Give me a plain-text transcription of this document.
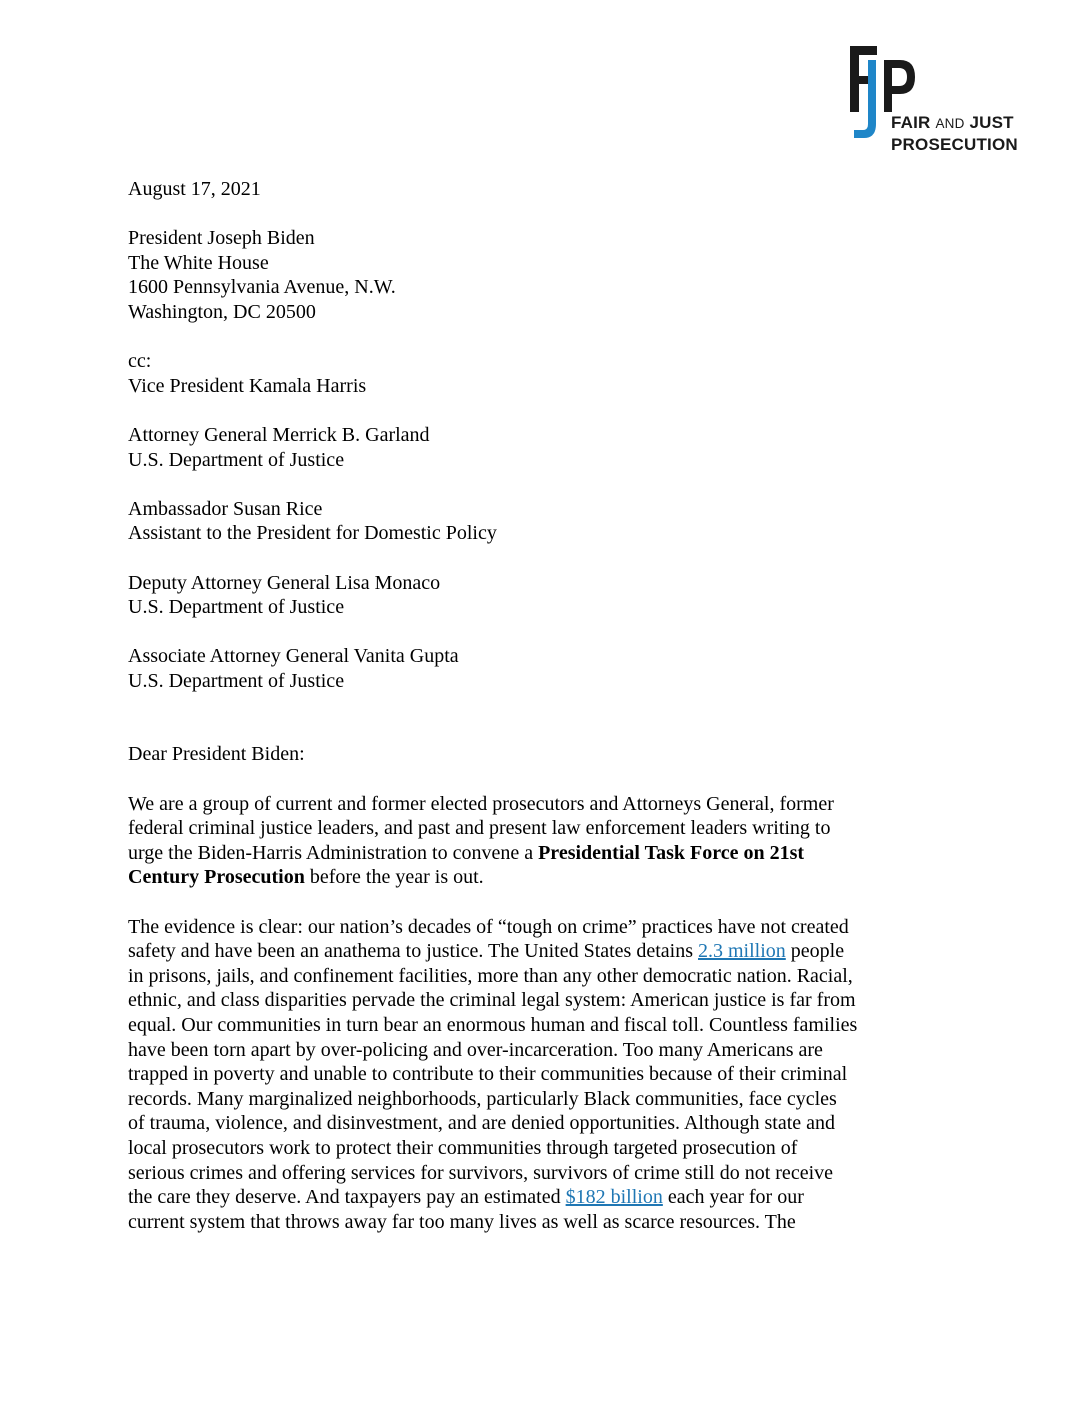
FAIR AND JUST
PROSECUTION
August 17, 2021
President Joseph Biden
The White House
1600 Pennsylvania Avenue, N.W.
Washington, DC 20500
cc:
Vice President Kamala Harris
Attorney General Merrick B. Garland
U.S. Department of Justice
Ambassador Susan Rice
Assistant to the President for Domestic Policy
Deputy Attorney General Lisa Monaco
U.S. Department of Justice
Associate Attorney General Vanita Gupta
U.S. Department of Justice
Dear President Biden:
We are a group of current and former elected prosecutors and Attorneys General, former
federal criminal justice leaders, and past and present law enforcement leaders writing to
urge the Biden-Harris Administration to convene a Presidential Task Force on 21st
Century Prosecution before the year is out.
The evidence is clear: our nation’s decades of “tough on crime” practices have not created
safety and have been an anathema to justice. The United States detains 2.3 million people
in prisons, jails, and confinement facilities, more than any other democratic nation. Racial,
ethnic, and class disparities pervade the criminal legal system: American justice is far from
equal. Our communities in turn bear an enormous human and fiscal toll. Countless families
have been torn apart by over-policing and over-incarceration. Too many Americans are
trapped in poverty and unable to contribute to their communities because of their criminal
records. Many marginalized neighborhoods, particularly Black communities, face cycles
of trauma, violence, and disinvestment, and are denied opportunities. Although state and
local prosecutors work to protect their communities through targeted prosecution of
serious crimes and offering services for survivors, survivors of crime still do not receive
the care they deserve. And taxpayers pay an estimated $182 billion each year for our
current system that throws away far too many lives as well as scarce resources. The
